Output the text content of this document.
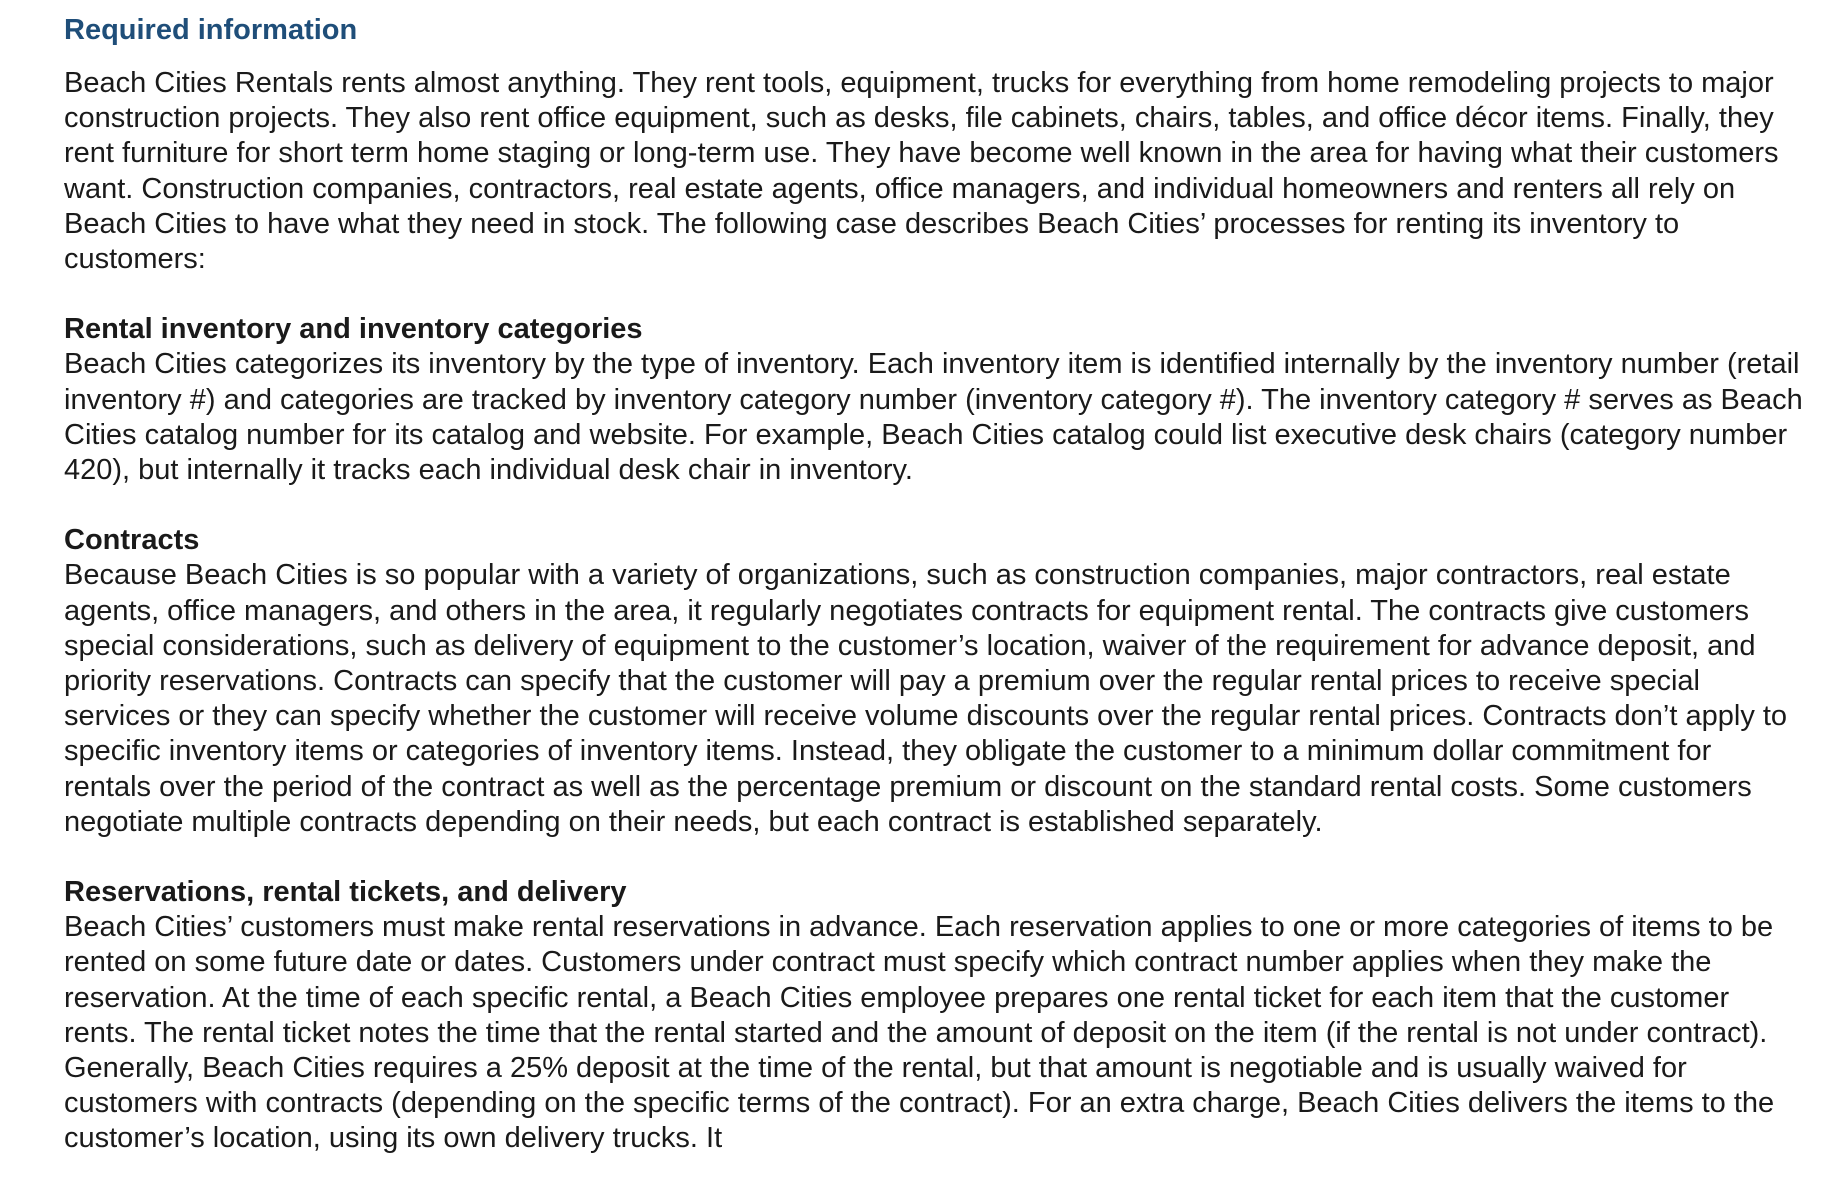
Required information

Beach Cities Rentals rents almost anything. They rent tools, equipment, trucks for everything from home remodeling projects to major construction projects. They also rent office equipment, such as desks, file cabinets, chairs, tables, and office décor items. Finally, they rent furniture for short term home staging or long-term use. They have become well known in the area for having what their customers want. Construction companies, contractors, real estate agents, office managers, and individual homeowners and renters all rely on Beach Cities to have what they need in stock. The following case describes Beach Cities’ processes for renting its inventory to customers:

Rental inventory and inventory categories

Beach Cities categorizes its inventory by the type of inventory. Each inventory item is identified internally by the inventory number (retail inventory #) and categories are tracked by inventory category number (inventory category #). The inventory category # serves as Beach Cities catalog number for its catalog and website. For example, Beach Cities catalog could list executive desk chairs (category number 420), but internally it tracks each individual desk chair in inventory.

Contracts

Because Beach Cities is so popular with a variety of organizations, such as construction companies, major contractors, real estate agents, office managers, and others in the area, it regularly negotiates contracts for equipment rental. The contracts give customers special considerations, such as delivery of equipment to the customer’s location, waiver of the requirement for advance deposit, and priority reservations. Contracts can specify that the customer will pay a premium over the regular rental prices to receive special services or they can specify whether the customer will receive volume discounts over the regular rental prices. Contracts don’t apply to specific inventory items or categories of inventory items. Instead, they obligate the customer to a minimum dollar commitment for rentals over the period of the contract as well as the percentage premium or discount on the standard rental costs. Some customers negotiate multiple contracts depending on their needs, but each contract is established separately.

Reservations, rental tickets, and delivery

Beach Cities’ customers must make rental reservations in advance. Each reservation applies to one or more categories of items to be rented on some future date or dates. Customers under contract must specify which contract number applies when they make the reservation. At the time of each specific rental, a Beach Cities employee prepares one rental ticket for each item that the customer rents. The rental ticket notes the time that the rental started and the amount of deposit on the item (if the rental is not under contract). Generally, Beach Cities requires a 25% deposit at the time of the rental, but that amount is negotiable and is usually waived for customers with contracts (depending on the specific terms of the contract). For an extra charge, Beach Cities delivers the items to the customer’s location, using its own delivery trucks. It
